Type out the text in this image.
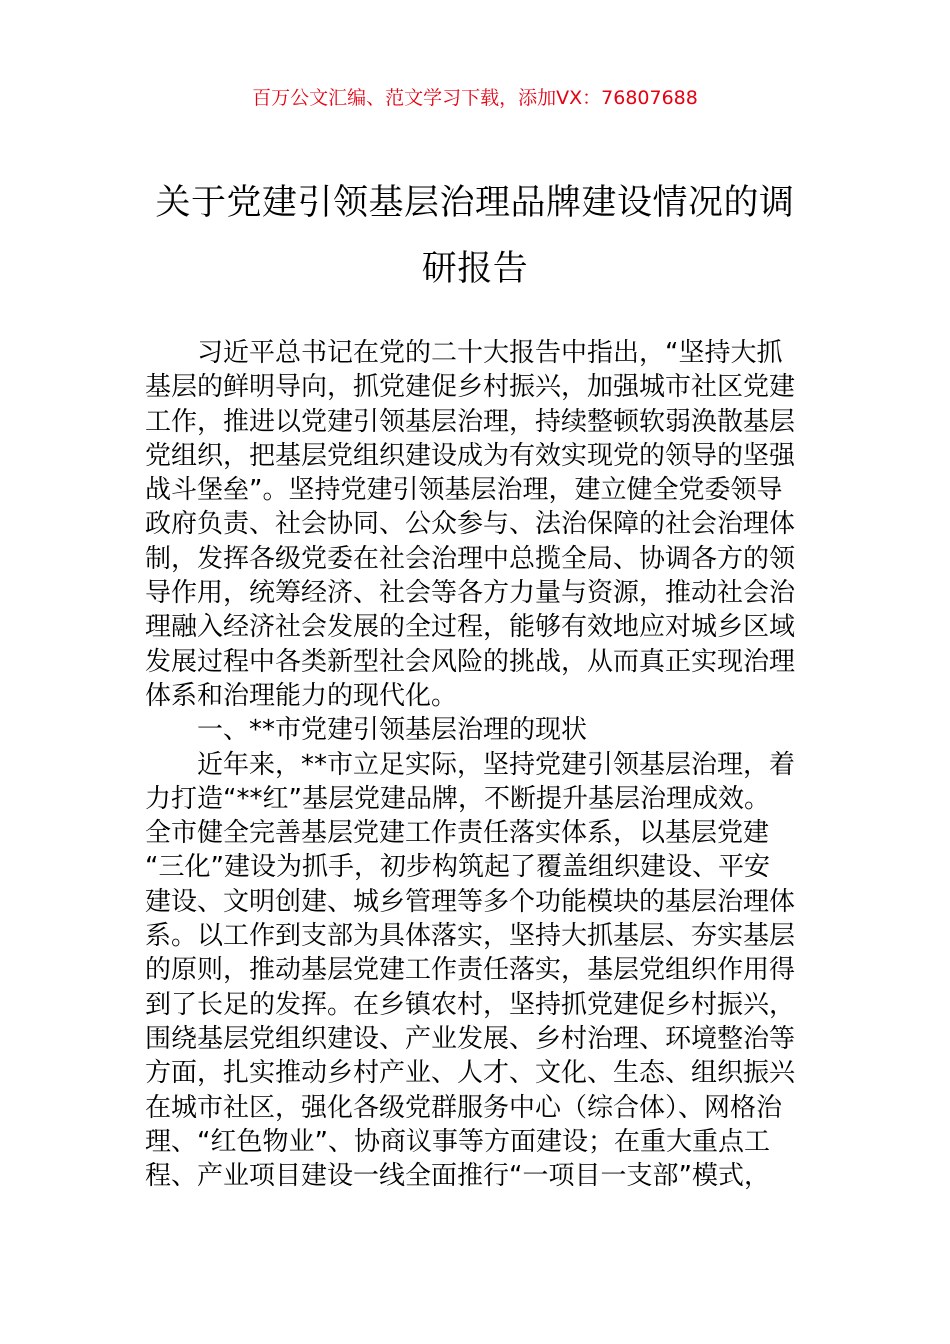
百万公文汇编、范文学习下载，添加VX：76807688
关于党建引领基层治理品牌建设情况的调
研报告
习近平总书记在党的二十大报告中指出，“坚持大抓
基层的鲜明导向，抓党建促乡村振兴，加强城市社区党建
工作，推进以党建引领基层治理，持续整顿软弱涣散基层
党组织，把基层党组织建设成为有效实现党的领导的坚强
战斗堡垒”。坚持党建引领基层治理，建立健全党委领导
政府负责、社会协同、公众参与、法治保障的社会治理体
制，发挥各级党委在社会治理中总揽全局、协调各方的领
导作用，统筹经济、社会等各方力量与资源，推动社会治
理融入经济社会发展的全过程，能够有效地应对城乡区域
发展过程中各类新型社会风险的挑战，从而真正实现治理
体系和治理能力的现代化。
一、**市党建引领基层治理的现状
近年来，**市立足实际，坚持党建引领基层治理，着
力打造“**红”基层党建品牌，不断提升基层治理成效。
全市健全完善基层党建工作责任落实体系，以基层党建
“三化”建设为抓手，初步构筑起了覆盖组织建设、平安
建设、文明创建、城乡管理等多个功能模块的基层治理体
系。以工作到支部为具体落实，坚持大抓基层、夯实基层
的原则，推动基层党建工作责任落实，基层党组织作用得
到了长足的发挥。在乡镇农村，坚持抓党建促乡村振兴，
围绕基层党组织建设、产业发展、乡村治理、环境整治等
方面，扎实推动乡村产业、人才、文化、生态、组织振兴
在城市社区，强化各级党群服务中心（综合体）、网格治
理、“红色物业”、协商议事等方面建设；在重大重点工
程、产业项目建设一线全面推行“一项目一支部”模式，
